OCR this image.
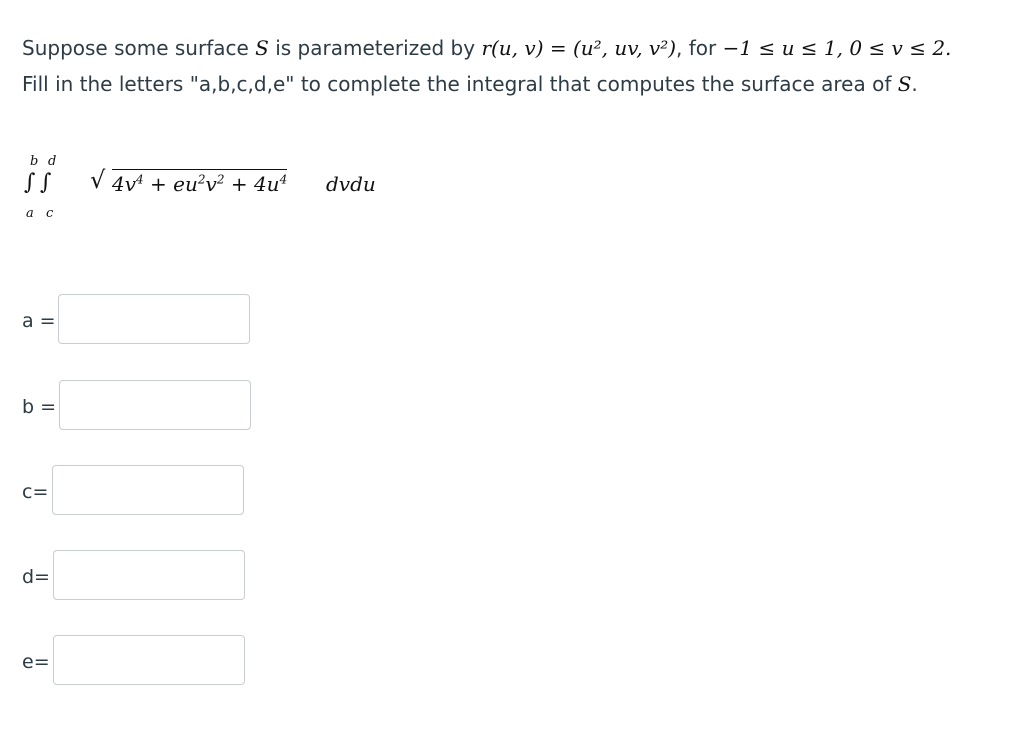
Suppose some surface S is parameterized by r(u, v) = (u², uv, v²), for −1 ≤ u ≤ 1, 0 ≤ v ≤ 2.

Fill in the letters "a,b,c,d,e" to complete the integral that computes the surface area of S.

b d
∫ ∫
a c
√ $4v^4 + eu^2v^2 + 4u^4$ dvdu
a =
b =
c=
d=
e=
